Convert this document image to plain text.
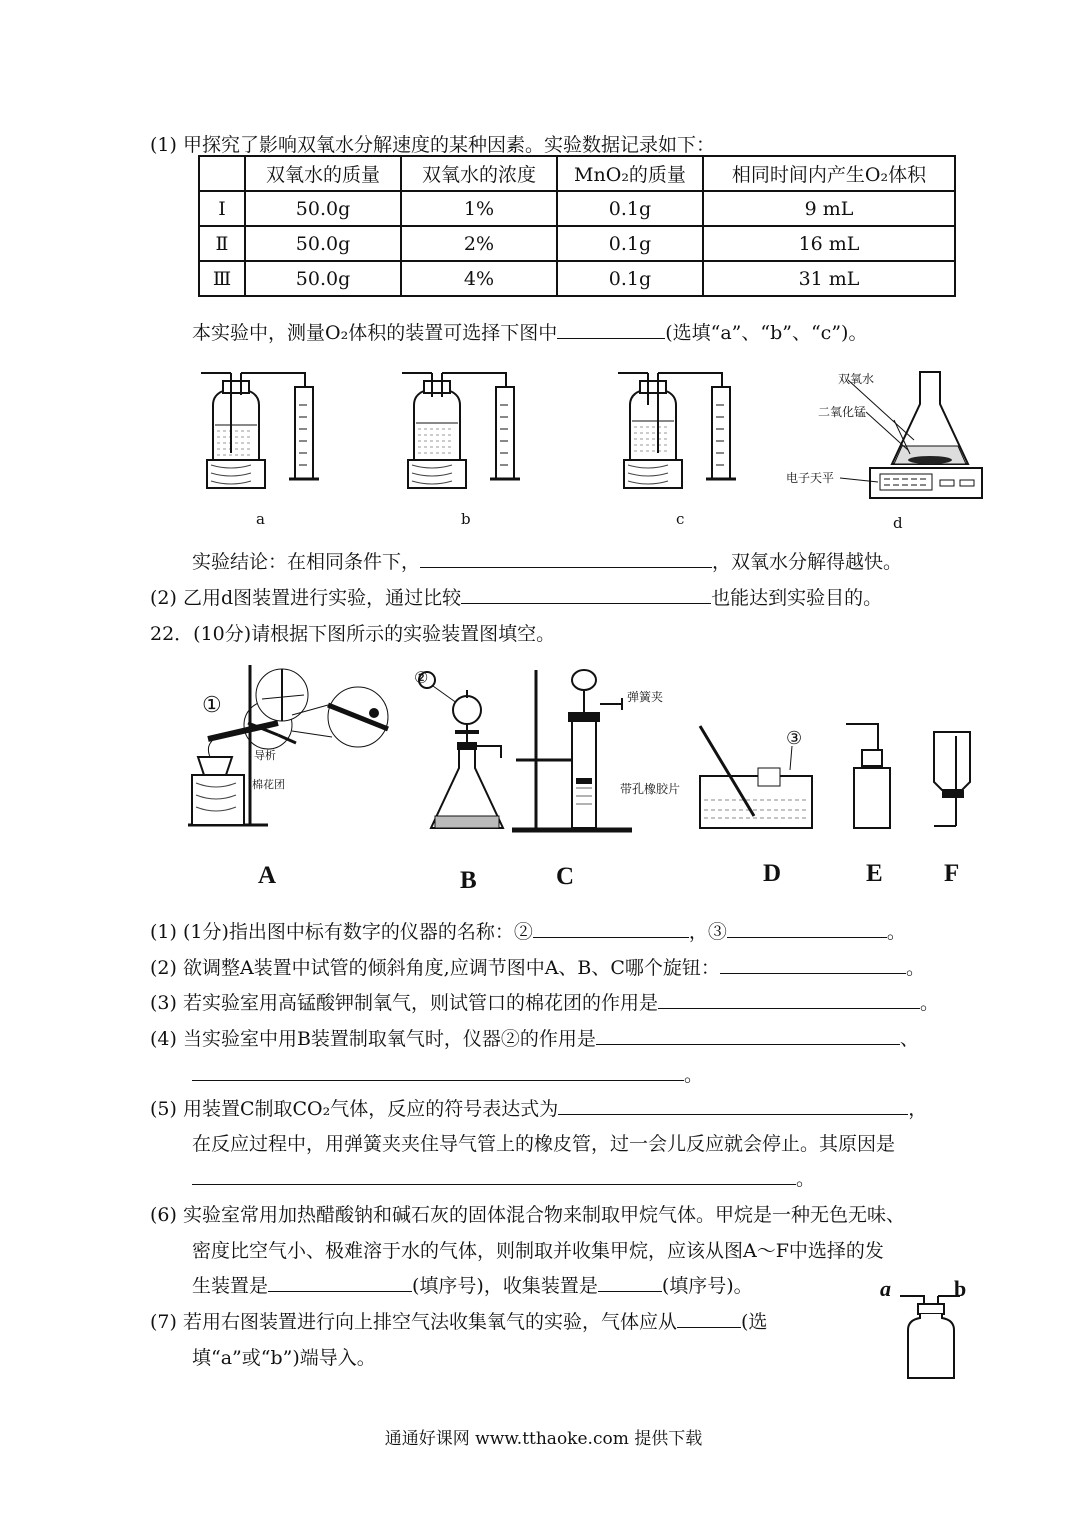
(1) 甲探究了影响双氧水分解速度的某种因素。实验数据记录如下：
	双氧水的质量	双氧水的浓度	MnO₂的质量	相同时间内产生O₂体积
Ⅰ	50.0g	1%	0.1g	9 mL
Ⅱ	50.0g	2%	0.1g	16 mL
Ⅲ	50.0g	4%	0.1g	31 mL
本实验中，测量O₂体积的装置可选择下图中	(选填“a”、“b”、“c”)。
双氧水
二氧化锰
电子天平
a	b	c	d
实验结论：在相同条件下，	，双氧水分解得越快。
(2) 乙用d图装置进行实验，通过比较	也能达到实验目的。
22．(10分)请根据下图所示的实验装置图填空。
①
导析
棉花团
②
弹簧夹
带孔橡胶片
③
A	B	C	D	E F
(1) (1分)指出图中标有数字的仪器的名称：②	，③	。
(2) 欲调整A装置中试管的倾斜角度,应调节图中A、B、C哪个旋钮：	。
(3) 若实验室用高锰酸钾制氧气，则试管口的棉花团的作用是	。
(4) 当实验室中用B装置制取氧气时，仪器②的作用是	、
。
(5) 用装置C制取CO₂气体，反应的符号表达式为	，
在反应过程中，用弹簧夹夹住导气管上的橡皮管，过一会儿反应就会停止。其原因是
。
(6) 实验室常用加热醋酸钠和碱石灰的固体混合物来制取甲烷气体。甲烷是一种无色无味、
密度比空气小、极难溶于水的气体，则制取并收集甲烷，应该从图A～F中选择的发
生装置是	(填序号)，收集装置是	(填序号)。
(7) 若用右图装置进行向上排空气法收集氧气的实验，气体应从	(选
填“a”或“b”)端导入。
a	b
通通好课网 www.tthaoke.com 提供下载
